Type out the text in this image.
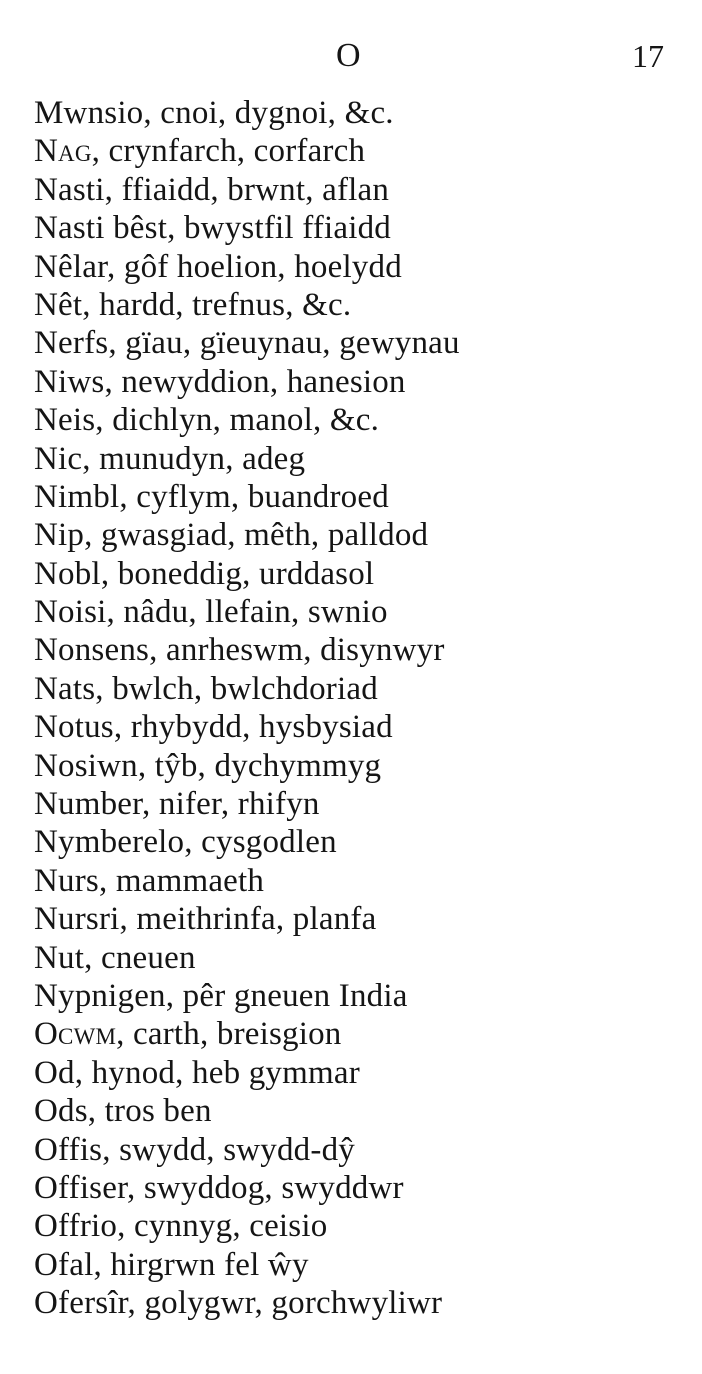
O	17
Mwnsio, cnoi, dygnoi, &c.
Nag, crynfarch, corfarch
Nasti, ffiaidd, brwnt, aflan
Nasti bêst, bwystfil ffiaidd
Nêlar, gôf hoelion, hoelydd
Nêt, hardd, trefnus, &c.
Nerfs, gïau, gïeuynau, gewynau
Niws, newyddion, hanesion
Neis, dichlyn, manol, &c.
Nic, munudyn, adeg
Nimbl, cyflym, buandroed
Nip, gwasgiad, mêth, palldod
Nobl, boneddig, urddasol
Noisi, nâdu, llefain, swnio
Nonsens, anrheswm, disynwyr
Nats, bwlch, bwlchdoriad
Notus, rhybydd, hysbysiad
Nosiwn, tŷb, dychymmyg
Number, nifer, rhifyn
Nymberelo, cysgodlen
Nurs, mammaeth
Nursri, meithrinfa, planfa
Nut, cneuen
Nypnigen, pêr gneuen India
Ocwm, carth, breisgion
Od, hynod, heb gymmar
Ods, tros ben
Offis, swydd, swydd-dŷ
Offiser, swyddog, swyddwr
Offrio, cynnyg, ceisio
Ofal, hirgrwn fel ŵy
Ofersîr, golygwr, gorchwyliwr
